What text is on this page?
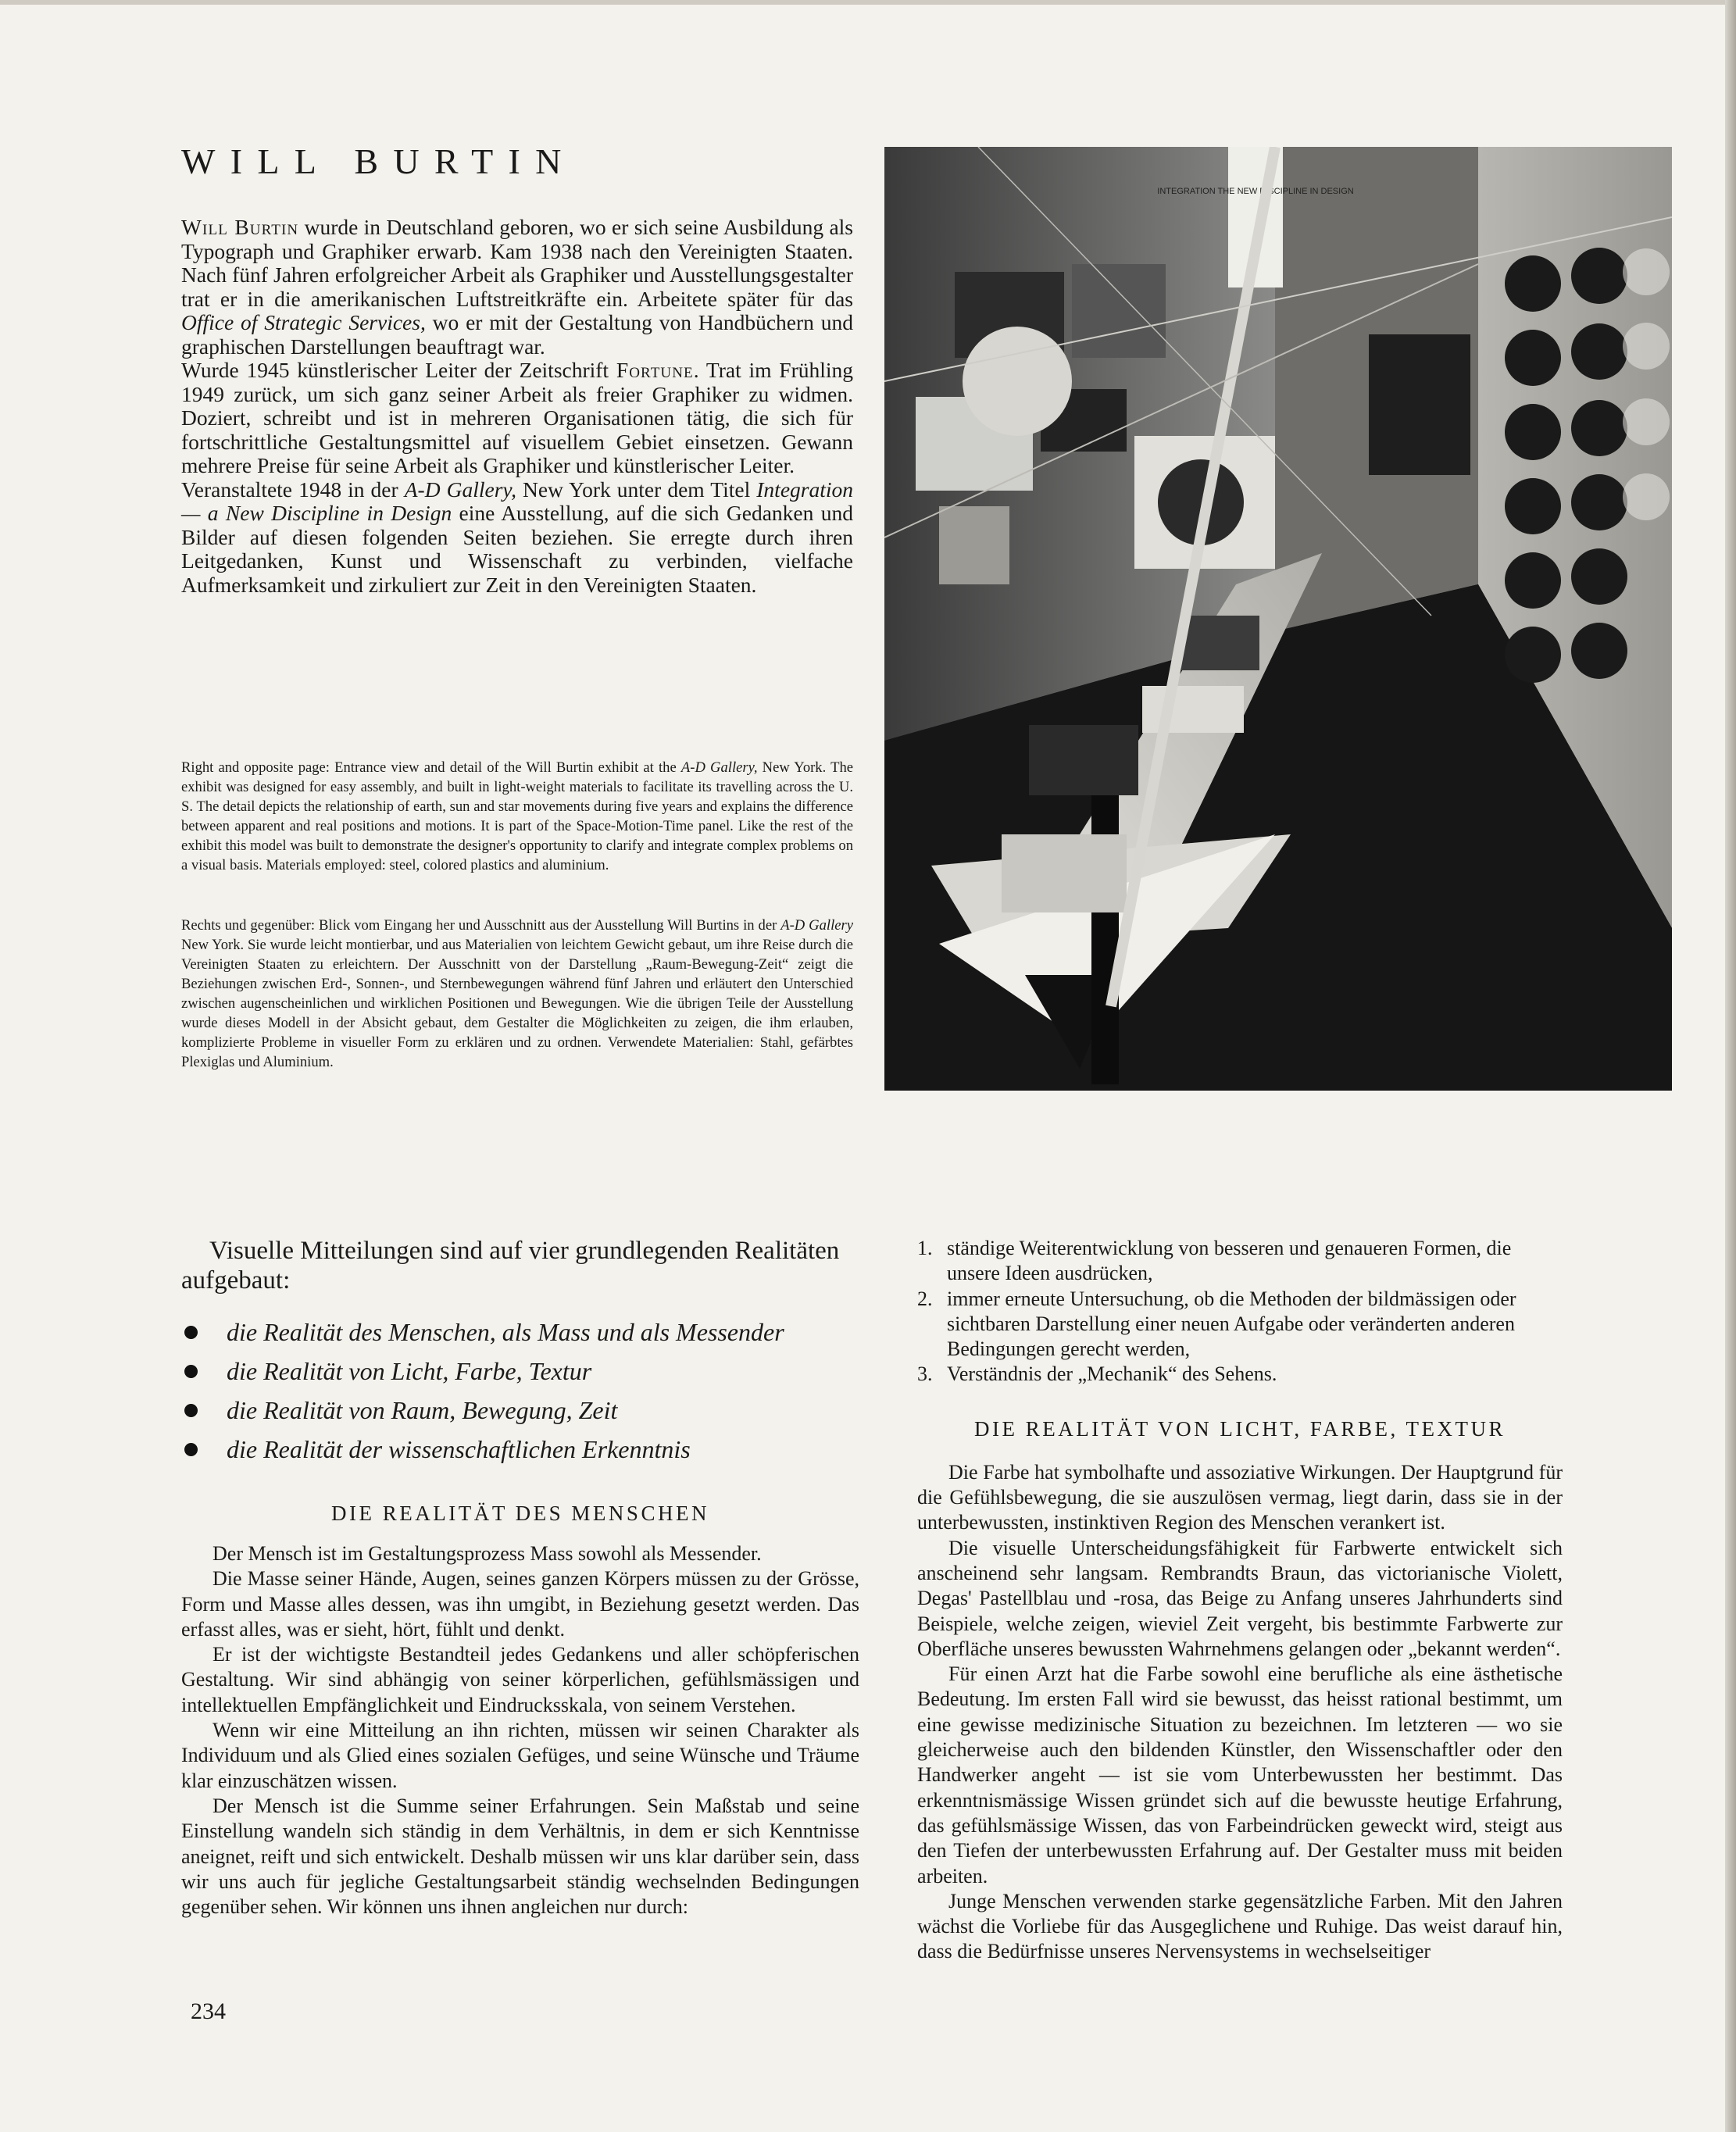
WILL BURTIN

Will Burtin wurde in Deutschland geboren, wo er sich seine Ausbildung als Typograph und Graphiker erwarb. Kam 1938 nach den Vereinigten Staaten. Nach fünf Jahren erfolgreicher Arbeit als Graphiker und Ausstellungsgestalter trat er in die amerikanischen Luftstreitkräfte ein. Arbeitete später für das Office of Strategic Services, wo er mit der Gestaltung von Handbüchern und graphischen Darstellungen beauftragt war.

Wurde 1945 künstlerischer Leiter der Zeitschrift Fortune. Trat im Frühling 1949 zurück, um sich ganz seiner Arbeit als freier Graphiker zu widmen. Doziert, schreibt und ist in mehreren Organisationen tätig, die sich für fortschrittliche Gestaltungsmittel auf visuellem Gebiet einsetzen. Gewann mehrere Preise für seine Arbeit als Graphiker und künstlerischer Leiter.

Veranstaltete 1948 in der A-D Gallery, New York unter dem Titel Integration — a New Discipline in Design eine Ausstellung, auf die sich Gedanken und Bilder auf diesen folgenden Seiten beziehen. Sie erregte durch ihren Leitgedanken, Kunst und Wissenschaft zu verbinden, vielfache Aufmerksamkeit und zirkuliert zur Zeit in den Vereinigten Staaten.

INTEGRATION THE NEW DISCIPLINE IN DESIGN

Right and opposite page: Entrance view and detail of the Will Burtin exhibit at the A-D Gallery, New York. The exhibit was designed for easy assembly, and built in light-weight materials to facilitate its travelling across the U. S. The detail depicts the relationship of earth, sun and star movements during five years and explains the difference between apparent and real positions and motions. It is part of the Space-Motion-Time panel. Like the rest of the exhibit this model was built to demonstrate the designer's opportunity to clarify and integrate complex problems on a visual basis. Materials employed: steel, colored plastics and aluminium.

Rechts und gegenüber: Blick vom Eingang her und Ausschnitt aus der Ausstellung Will Burtins in der A-D Gallery New York. Sie wurde leicht montierbar, und aus Materialien von leichtem Gewicht gebaut, um ihre Reise durch die Vereinigten Staaten zu erleichtern. Der Ausschnitt von der Darstellung „Raum-Bewegung-Zeit“ zeigt die Beziehungen zwischen Erd-, Sonnen-, und Sternbewegungen während fünf Jahren und erläutert den Unterschied zwischen augenscheinlichen und wirklichen Positionen und Bewegungen. Wie die übrigen Teile der Ausstellung wurde dieses Modell in der Absicht gebaut, dem Gestalter die Möglichkeiten zu zeigen, die ihm erlauben, komplizierte Probleme in visueller Form zu erklären und zu ordnen. Verwendete Materialien: Stahl, gefärbtes Plexiglas und Aluminium.

Visuelle Mitteilungen sind auf vier grundlegenden Realitäten aufgebaut:

die Realität des Menschen, als Mass und als Messender
die Realität von Licht, Farbe, Textur
die Realität von Raum, Bewegung, Zeit
die Realität der wissenschaftlichen Erkenntnis
DIE REALITÄT DES MENSCHEN

Der Mensch ist im Gestaltungsprozess Mass sowohl als Messender.

Die Masse seiner Hände, Augen, seines ganzen Körpers müssen zu der Grösse, Form und Masse alles dessen, was ihn umgibt, in Beziehung gesetzt werden. Das erfasst alles, was er sieht, hört, fühlt und denkt.

Er ist der wichtigste Bestandteil jedes Gedankens und aller schöpferischen Gestaltung. Wir sind abhängig von seiner körperlichen, gefühlsmässigen und intellektuellen Empfänglichkeit und Eindrucksskala, von seinem Verstehen.

Wenn wir eine Mitteilung an ihn richten, müssen wir seinen Charakter als Individuum und als Glied eines sozialen Gefüges, und seine Wünsche und Träume klar einzuschätzen wissen.

Der Mensch ist die Summe seiner Erfahrungen. Sein Maßstab und seine Einstellung wandeln sich ständig in dem Verhältnis, in dem er sich Kenntnisse aneignet, reift und sich entwickelt. Deshalb müssen wir uns klar darüber sein, dass wir uns auch für jegliche Gestaltungsarbeit ständig wechselnden Bedingungen gegenüber sehen. Wir können uns ihnen angleichen nur durch:

1. ständige Weiterentwicklung von besseren und genaueren Formen, die unsere Ideen ausdrücken,
2. immer erneute Untersuchung, ob die Methoden der bildmässigen oder sichtbaren Darstellung einer neuen Aufgabe oder veränderten anderen Bedingungen gerecht werden,
3. Verständnis der „Mechanik“ des Sehens.
DIE REALITÄT VON LICHT, FARBE, TEXTUR

Die Farbe hat symbolhafte und assoziative Wirkungen. Der Hauptgrund für die Gefühlsbewegung, die sie auszulösen vermag, liegt darin, dass sie in der unterbewussten, instinktiven Region des Menschen verankert ist.

Die visuelle Unterscheidungsfähigkeit für Farbwerte entwickelt sich anscheinend sehr langsam. Rembrandts Braun, das victorianische Violett, Degas' Pastellblau und -rosa, das Beige zu Anfang unseres Jahrhunderts sind Beispiele, welche zeigen, wieviel Zeit vergeht, bis bestimmte Farbwerte zur Oberfläche unseres bewussten Wahrnehmens gelangen oder „bekannt werden“.

Für einen Arzt hat die Farbe sowohl eine berufliche als eine ästhetische Bedeutung. Im ersten Fall wird sie bewusst, das heisst rational bestimmt, um eine gewisse medizinische Situation zu bezeichnen. Im letzteren — wo sie gleicherweise auch den bildenden Künstler, den Wissenschaftler oder den Handwerker angeht — ist sie vom Unterbewussten her bestimmt. Das erkenntnismässige Wissen gründet sich auf die bewusste heutige Erfahrung, das gefühlsmässige Wissen, das von Farbeindrücken geweckt wird, steigt aus den Tiefen der unterbewussten Erfahrung auf. Der Gestalter muss mit beiden arbeiten.

Junge Menschen verwenden starke gegensätzliche Farben. Mit den Jahren wächst die Vorliebe für das Ausgeglichene und Ruhige. Das weist darauf hin, dass die Bedürfnisse unseres Nervensystems in wechselseitiger

234
